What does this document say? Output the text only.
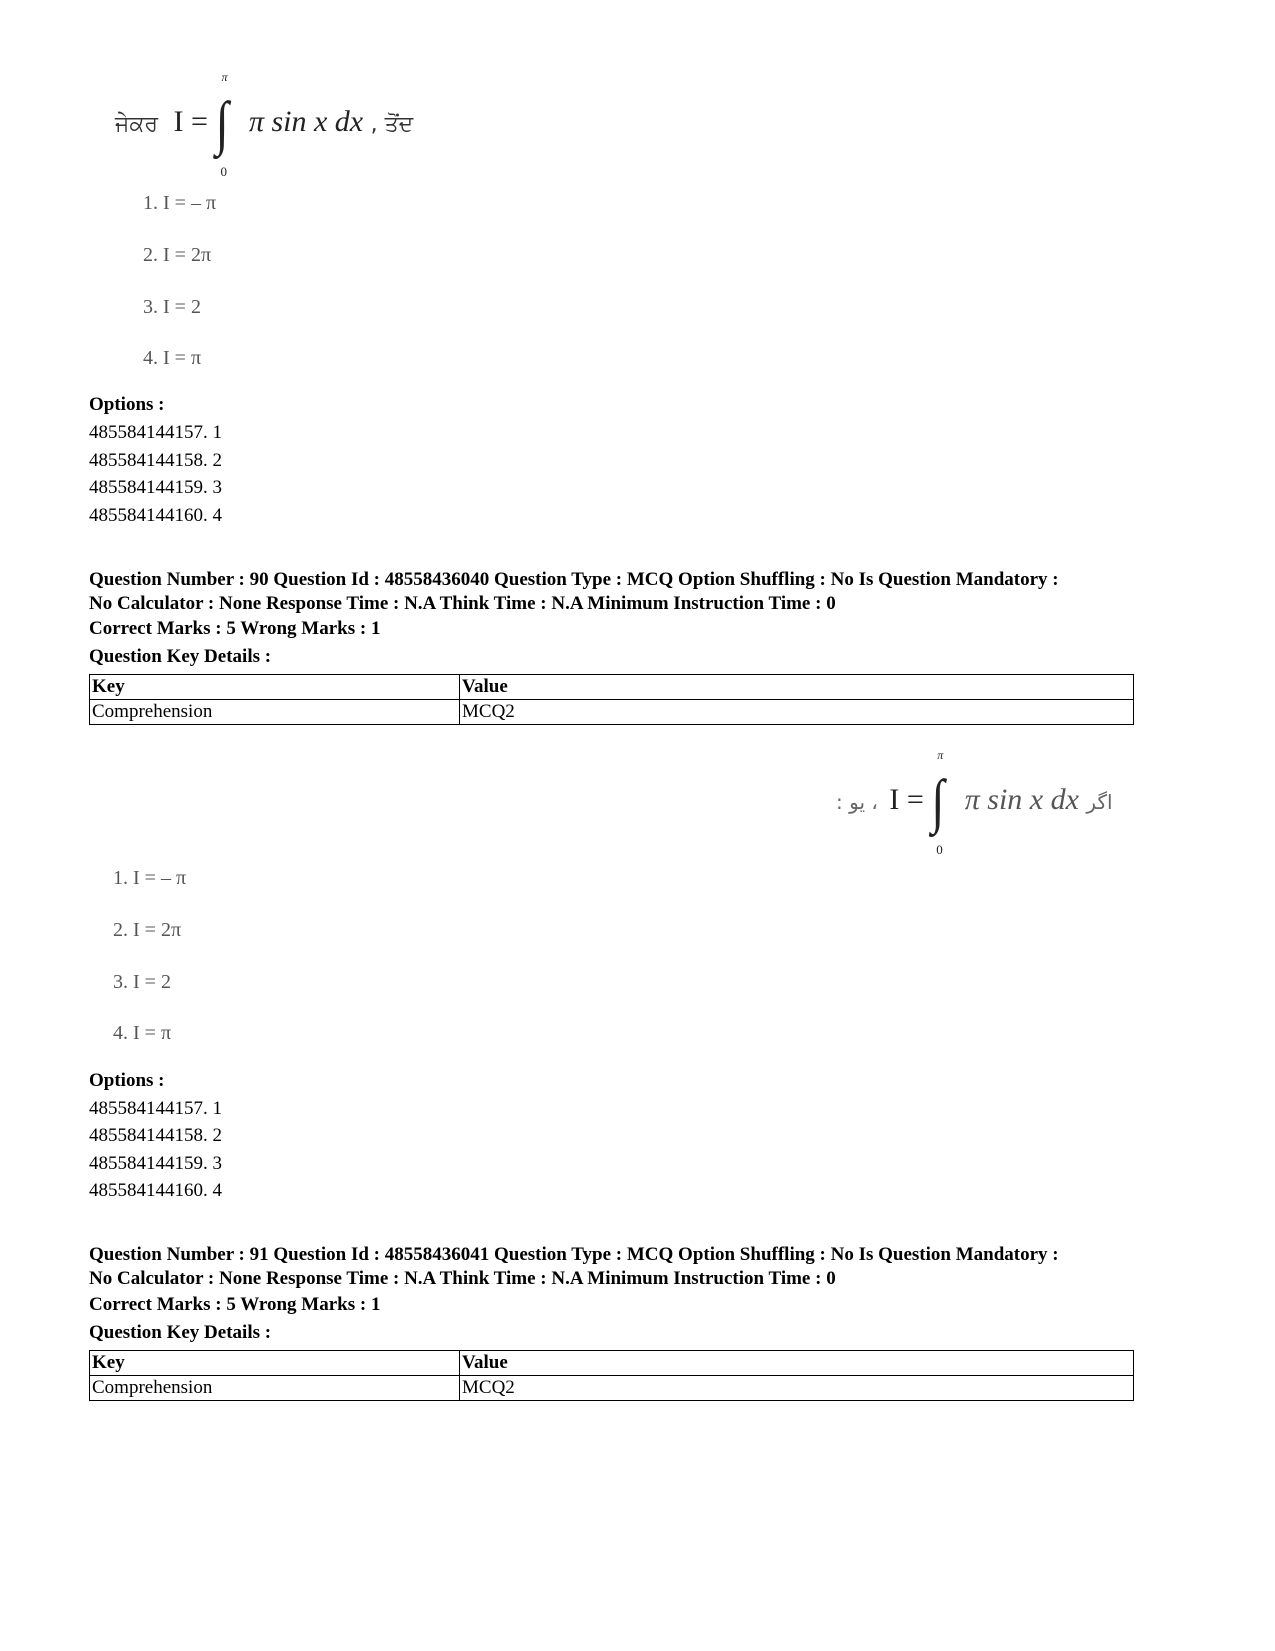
ਜੇਕਰ I = ∫
π
0
π sin x dx , ਤੋਂਦ
1. I = – π
2. I = 2π
3. I = 2
4. I = π
Options :
485584144157. 1
485584144158. 2
485584144159. 3
485584144160. 4
Question Number : 90 Question Id : 48558436040 Question Type : MCQ Option Shuffling : No Is Question Mandatory :
No Calculator : None Response Time : N.A Think Time : N.A Minimum Instruction Time : 0
Correct Marks : 5 Wrong Marks : 1
Question Key Details :
Key	Value
Comprehension	MCQ2
: ﯾﻮ ، I = ∫
π
0
π sin x dx ﺍﮔﺮ
1. I = – π
2. I = 2π
3. I = 2
4. I = π
Options :
485584144157. 1
485584144158. 2
485584144159. 3
485584144160. 4
Question Number : 91 Question Id : 48558436041 Question Type : MCQ Option Shuffling : No Is Question Mandatory :
No Calculator : None Response Time : N.A Think Time : N.A Minimum Instruction Time : 0
Correct Marks : 5 Wrong Marks : 1
Question Key Details :
Key	Value
Comprehension	MCQ2
